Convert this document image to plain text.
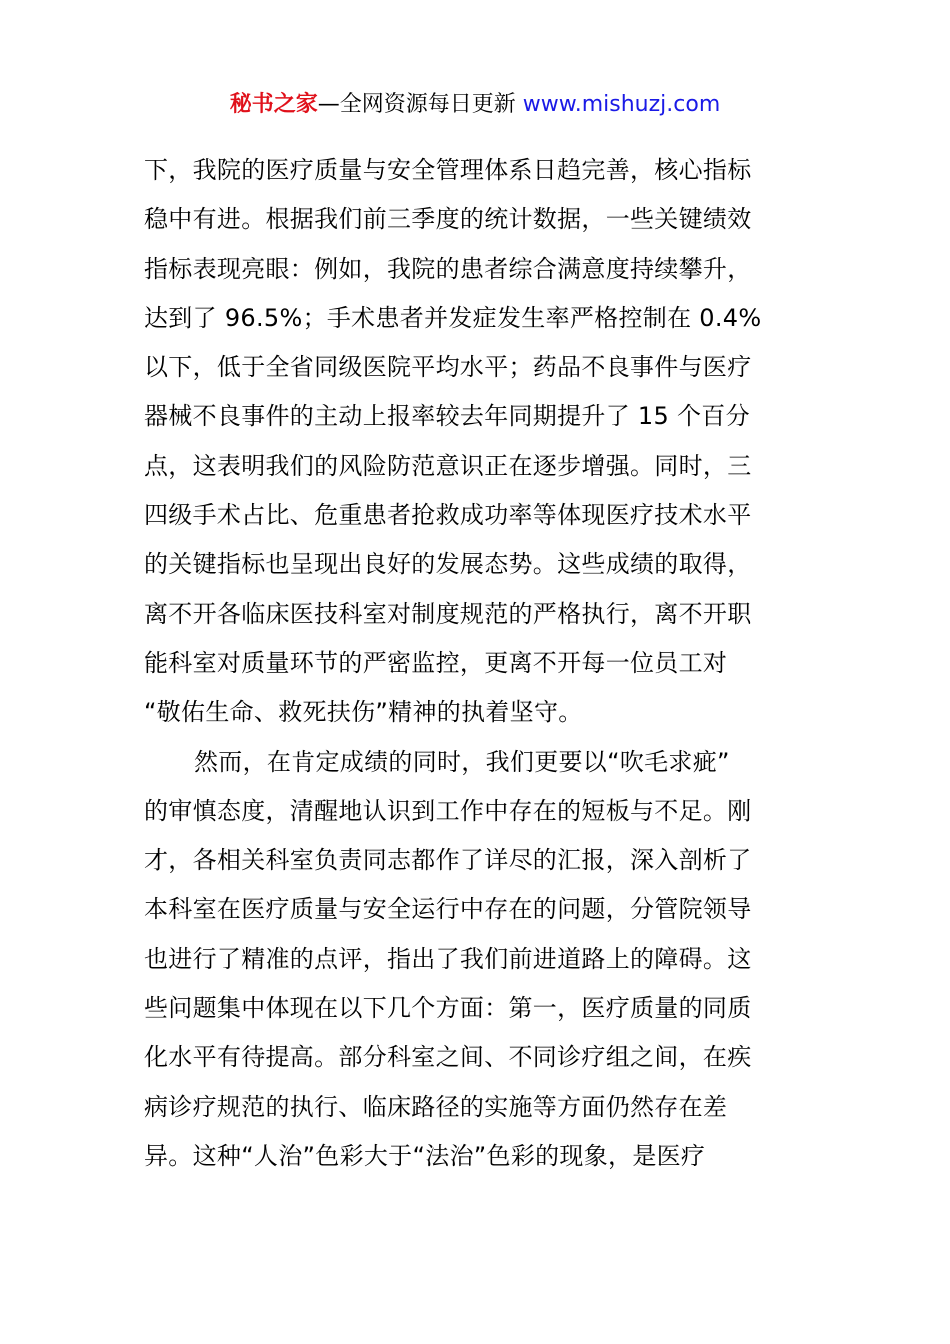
秘书之家—全网资源每日更新 www.mishuzj.com
下，我院的医疗质量与安全管理体系日趋完善，核心指标
稳中有进。根据我们前三季度的统计数据，一些关键绩效
指标表现亮眼：例如，我院的患者综合满意度持续攀升，
达到了 96.5%；手术患者并发症发生率严格控制在 0.4%
以下，低于全省同级医院平均水平；药品不良事件与医疗
器械不良事件的主动上报率较去年同期提升了 15 个百分
点，这表明我们的风险防范意识正在逐步增强。同时，三
四级手术占比、危重患者抢救成功率等体现医疗技术水平
的关键指标也呈现出良好的发展态势。这些成绩的取得，
离不开各临床医技科室对制度规范的严格执行，离不开职
能科室对质量环节的严密监控，更离不开每一位员工对
“敬佑生命、救死扶伤”精神的执着坚守。
然而，在肯定成绩的同时，我们更要以“吹毛求疵”
的审慎态度，清醒地认识到工作中存在的短板与不足。刚
才，各相关科室负责同志都作了详尽的汇报，深入剖析了
本科室在医疗质量与安全运行中存在的问题，分管院领导
也进行了精准的点评，指出了我们前进道路上的障碍。这
些问题集中体现在以下几个方面：第一，医疗质量的同质
化水平有待提高。部分科室之间、不同诊疗组之间，在疾
病诊疗规范的执行、临床路径的实施等方面仍然存在差
异。这种“人治”色彩大于“法治”色彩的现象，是医疗
